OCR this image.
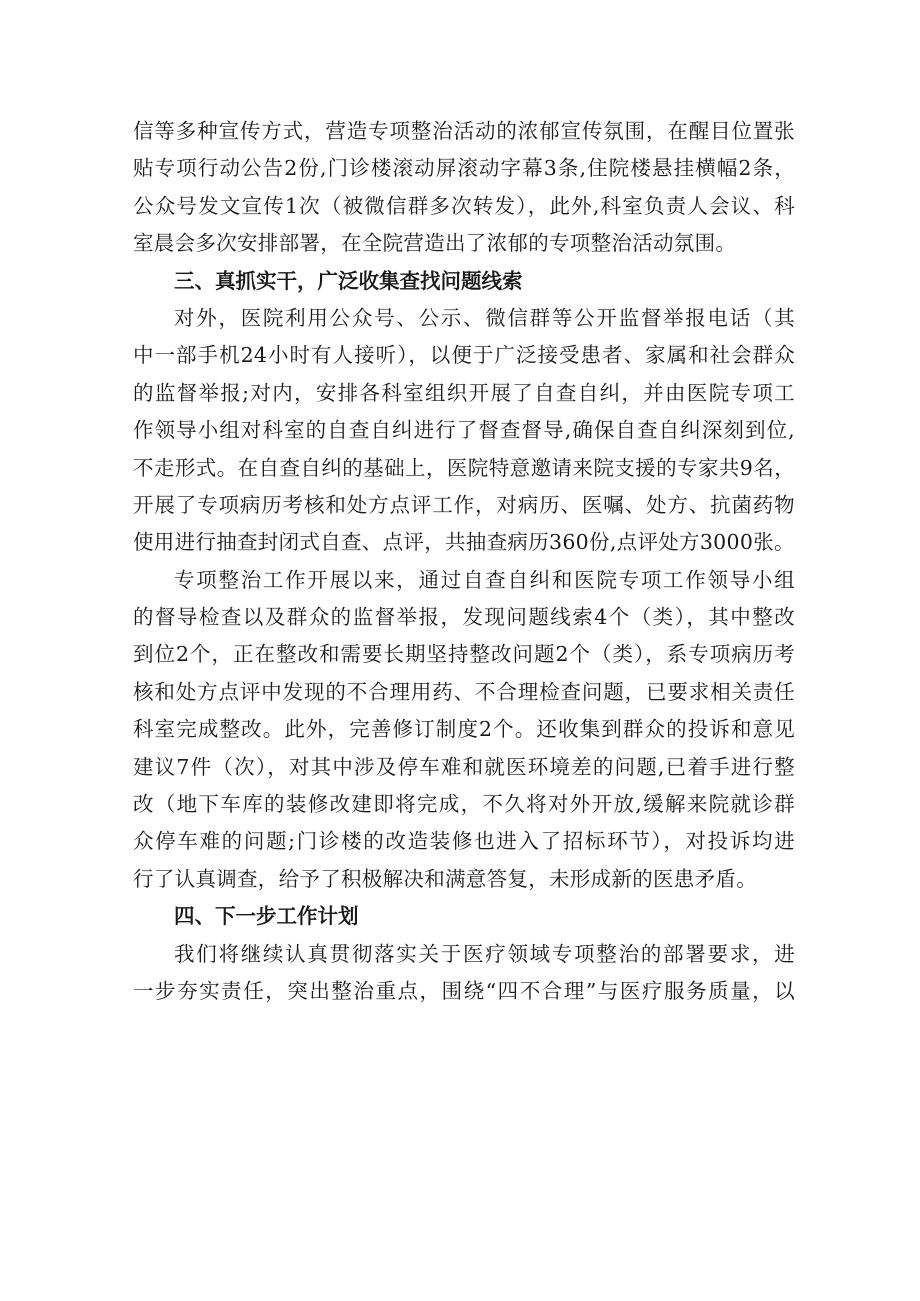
信等多种宣传方式，营造专项整治活动的浓郁宣传氛围，在醒目位置张
贴专项行动公告2份,门诊楼滚动屏滚动字幕3条,住院楼悬挂横幅2条，
公众号发文宣传1次（被微信群多次转发），此外,科室负责人会议、科
室晨会多次安排部署，在全院营造出了浓郁的专项整治活动氛围。
三、真抓实干，广泛收集查找问题线索
对外，医院利用公众号、公示、微信群等公开监督举报电话（其
中一部手机24小时有人接听），以便于广泛接受患者、家属和社会群众
的监督举报;对内，安排各科室组织开展了自查自纠，并由医院专项工
作领导小组对科室的自查自纠进行了督查督导,确保自查自纠深刻到位,
不走形式。在自查自纠的基础上，医院特意邀请来院支援的专家共9名，
开展了专项病历考核和处方点评工作，对病历、医嘱、处方、抗菌药物
使用进行抽查封闭式自查、点评，共抽查病历360份,点评处方3000张。
专项整治工作开展以来，通过自查自纠和医院专项工作领导小组
的督导检查以及群众的监督举报，发现问题线索4个（类），其中整改
到位2个，正在整改和需要长期坚持整改问题2个（类），系专项病历考
核和处方点评中发现的不合理用药、不合理检查问题，已要求相关责任
科室完成整改。此外，完善修订制度2个。还收集到群众的投诉和意见
建议7件（次），对其中涉及停车难和就医环境差的问题,已着手进行整
改（地下车库的装修改建即将完成，不久将对外开放,缓解来院就诊群
众停车难的问题;门诊楼的改造装修也进入了招标环节），对投诉均进
行了认真调查，给予了积极解决和满意答复，未形成新的医患矛盾。
四、下一步工作计划
我们将继续认真贯彻落实关于医疗领域专项整治的部署要求，进
一步夯实责任，突出整治重点，围绕“四不合理”与医疗服务质量，以
